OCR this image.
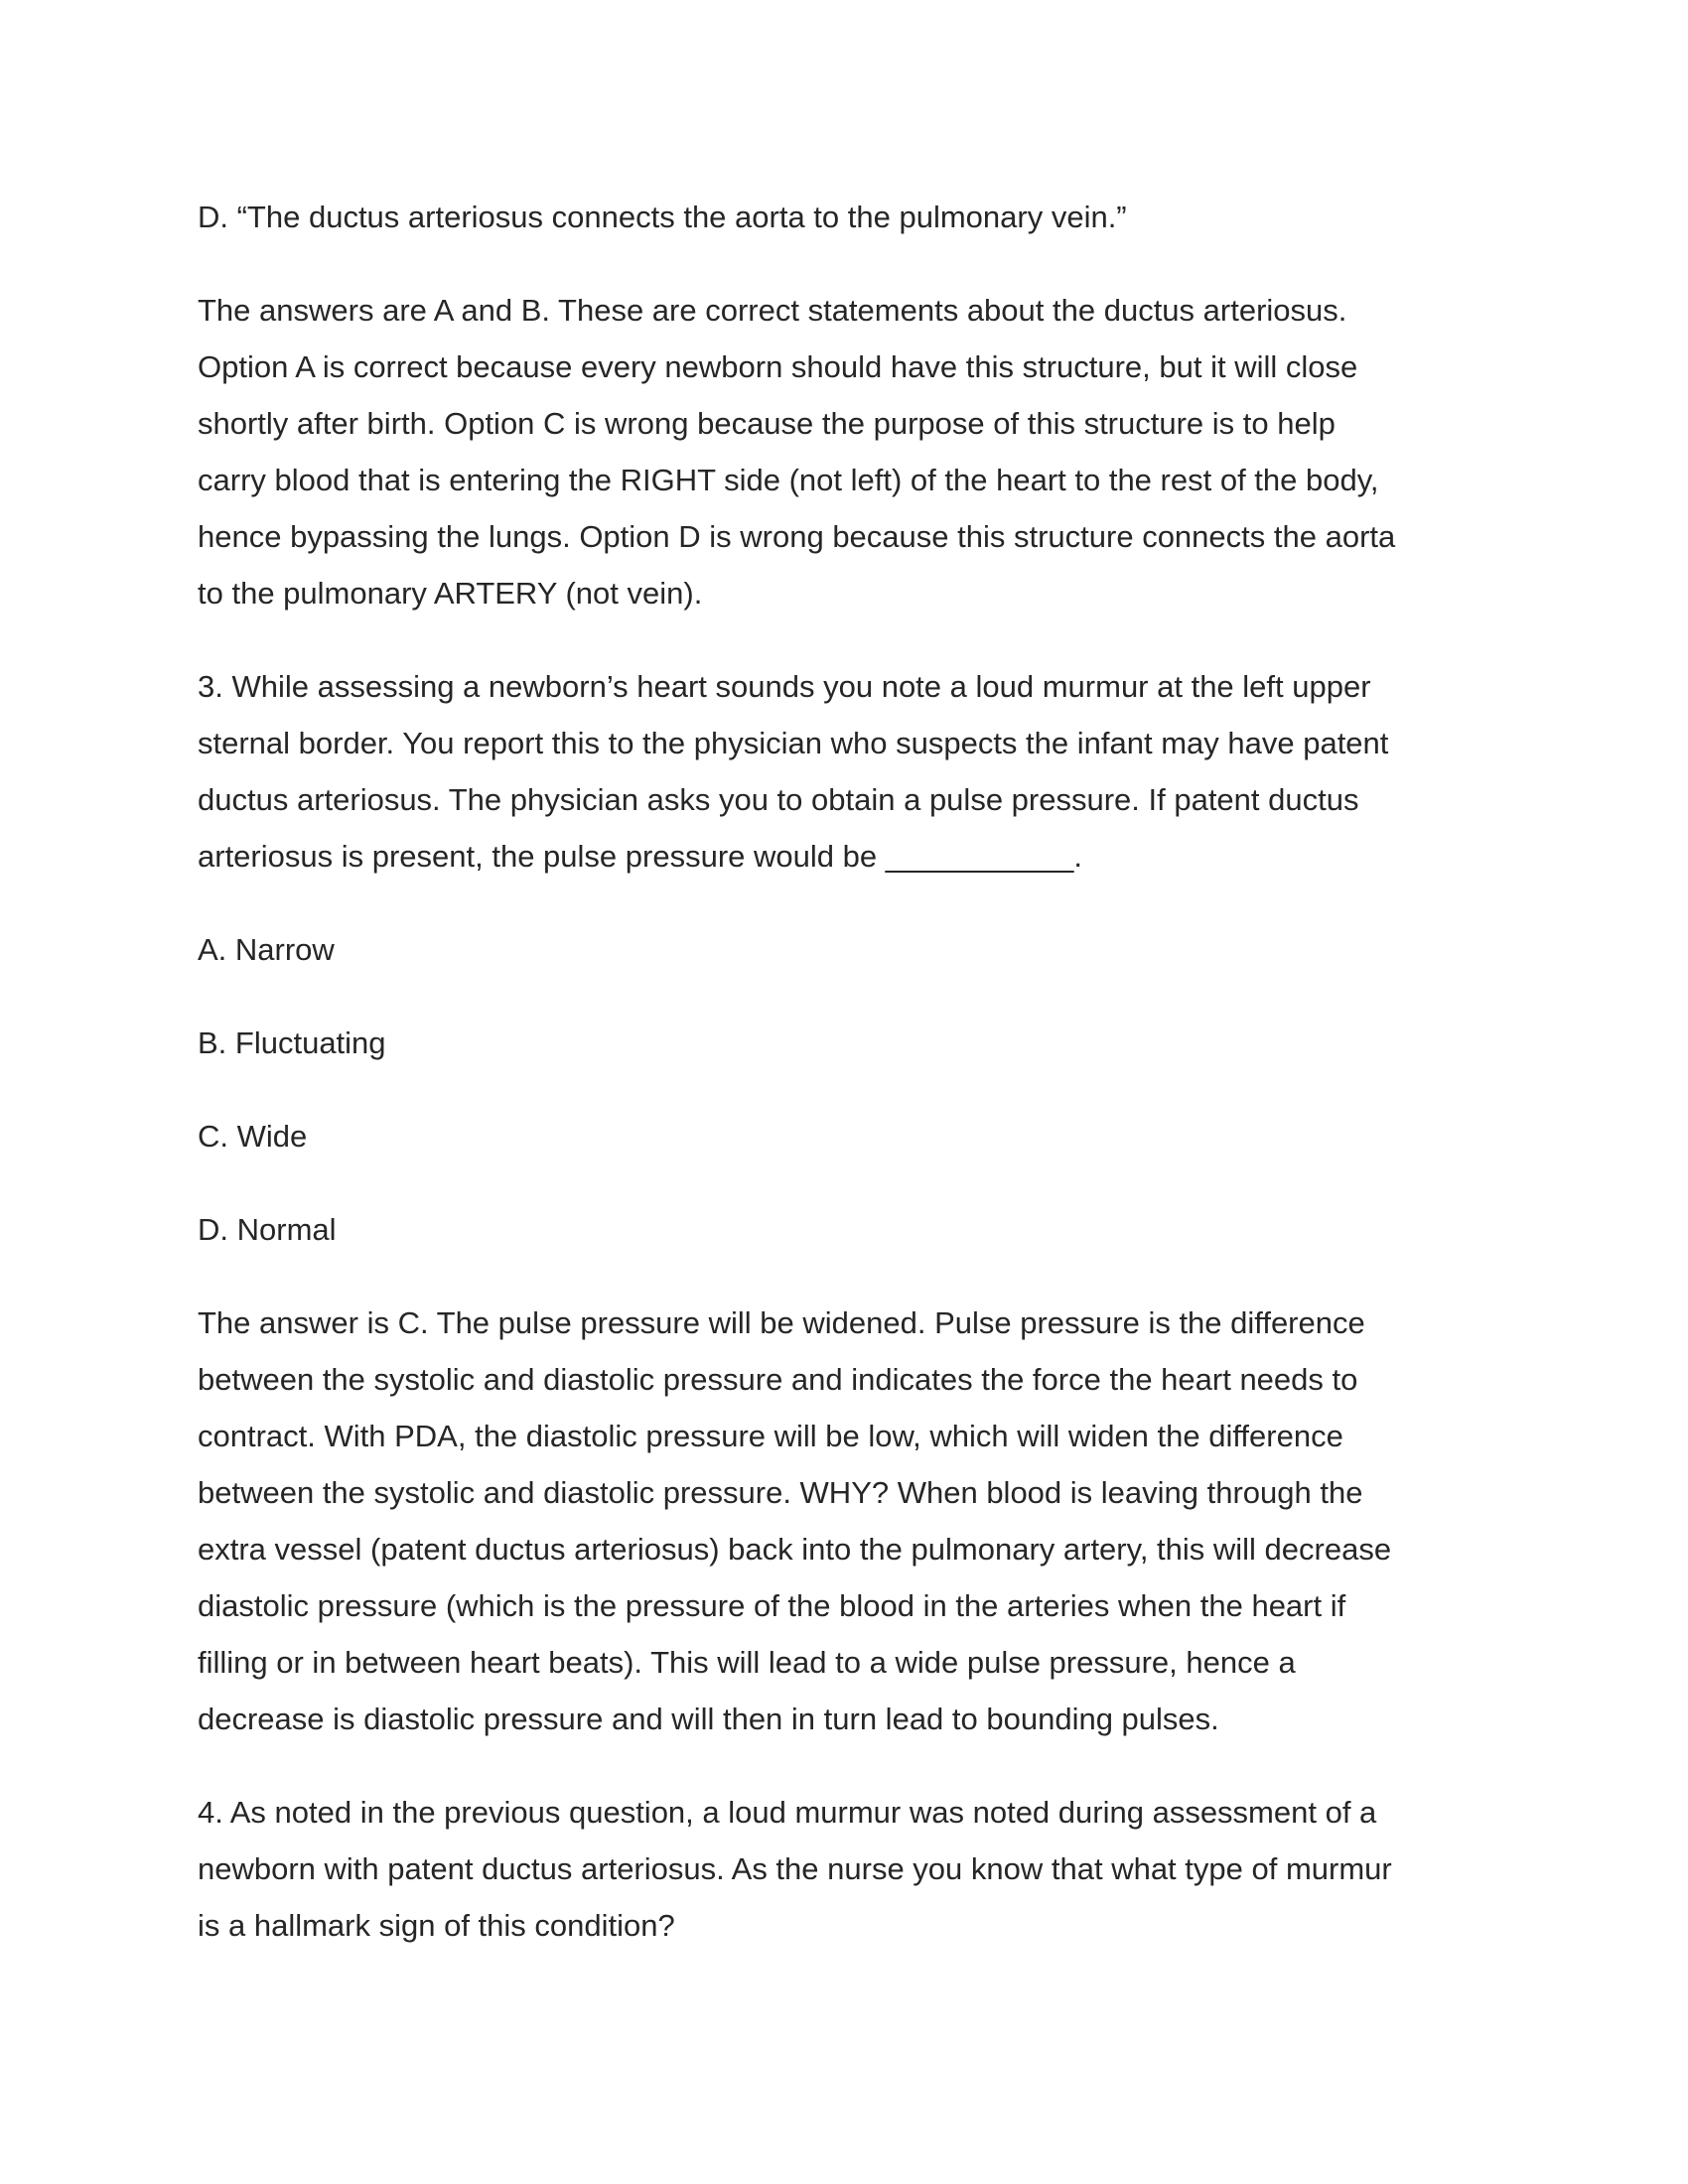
D. “The ductus arteriosus connects the aorta to the pulmonary vein.”

The answers are A and B. These are correct statements about the ductus arteriosus.
Option A is correct because every newborn should have this structure, but it will close
shortly after birth. Option C is wrong because the purpose of this structure is to help
carry blood that is entering the RIGHT side (not left) of the heart to the rest of the body,
hence bypassing the lungs. Option D is wrong because this structure connects the aorta
to the pulmonary ARTERY (not vein).

3. While assessing a newborn’s heart sounds you note a loud murmur at the left upper
sternal border. You report this to the physician who suspects the infant may have patent
ductus arteriosus. The physician asks you to obtain a pulse pressure. If patent ductus
arteriosus is present, the pulse pressure would be ___________.

A. Narrow

B. Fluctuating

C. Wide

D. Normal

The answer is C. The pulse pressure will be widened. Pulse pressure is the difference
between the systolic and diastolic pressure and indicates the force the heart needs to
contract. With PDA, the diastolic pressure will be low, which will widen the difference
between the systolic and diastolic pressure. WHY? When blood is leaving through the
extra vessel (patent ductus arteriosus) back into the pulmonary artery, this will decrease
diastolic pressure (which is the pressure of the blood in the arteries when the heart if
filling or in between heart beats). This will lead to a wide pulse pressure, hence a
decrease is diastolic pressure and will then in turn lead to bounding pulses.

4. As noted in the previous question, a loud murmur was noted during assessment of a
newborn with patent ductus arteriosus. As the nurse you know that what type of murmur
is a hallmark sign of this condition?
